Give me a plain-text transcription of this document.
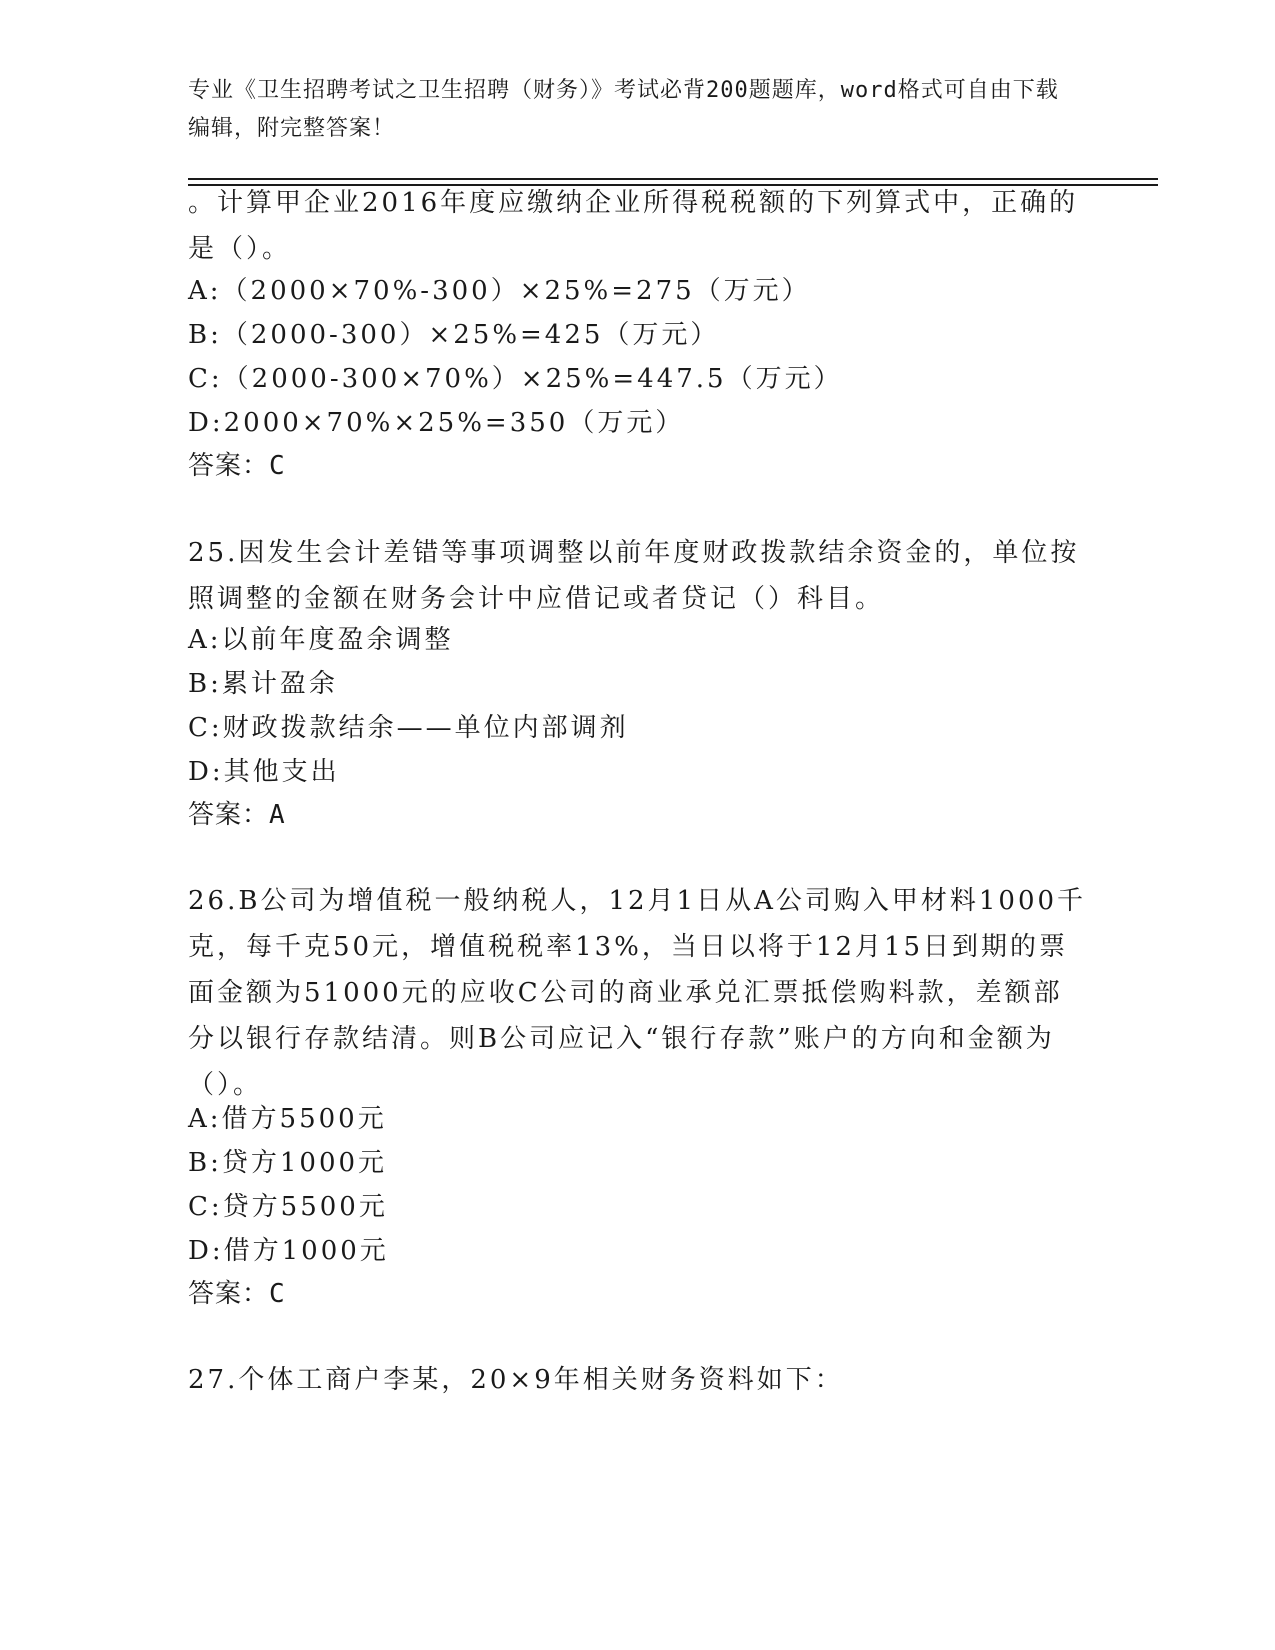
专业《卫生招聘考试之卫生招聘（财务）》考试必背200题题库，word格式可自由下载编辑，附完整答案！
。计算甲企业2016年度应缴纳企业所得税税额的下列算式中，正确的是（）。
A:（2000×70%-300）×25%=275（万元）
B:（2000-300）×25%=425（万元）
C:（2000-300×70%）×25%=447.5（万元）
D:2000×70%×25%=350（万元）
答案：C
25.因发生会计差错等事项调整以前年度财政拨款结余资金的，单位按照调整的金额在财务会计中应借记或者贷记（）科目。
A:以前年度盈余调整
B:累计盈余
C:财政拨款结余——单位内部调剂
D:其他支出
答案：A
26.B公司为增值税一般纳税人，12月1日从A公司购入甲材料1000千克，每千克50元，增值税税率13%，当日以将于12月15日到期的票面金额为51000元的应收C公司的商业承兑汇票抵偿购料款，差额部分以银行存款结清。则B公司应记入“银行存款”账户的方向和金额为（）。
A:借方5500元
B:贷方1000元
C:贷方5500元
D:借方1000元
答案：C
27.个体工商户李某，20×9年相关财务资料如下：
